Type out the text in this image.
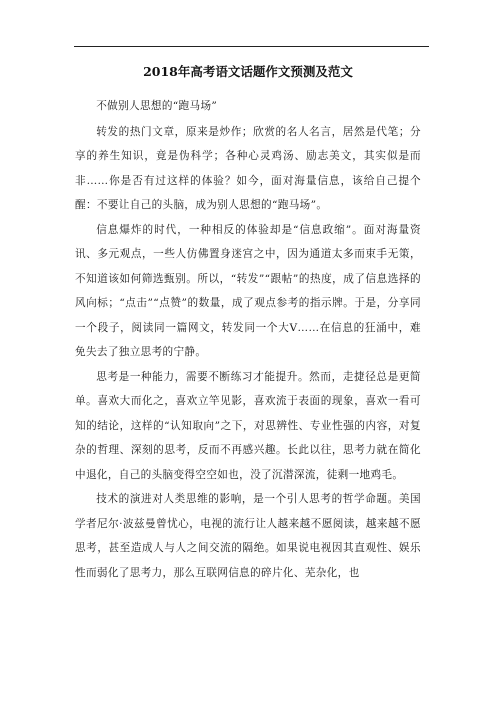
2018年高考语文话题作文预测及范文

不做别人思想的“跑马场”

转发的热门文章，原来是炒作；欣赏的名人名言，居然是代笔；分享的养生知识，竟是伪科学；各种心灵鸡汤、励志美文，其实似是而非……你是否有过这样的体验？如今，面对海量信息，该给自己提个醒：不要让自己的头脑，成为别人思想的“跑马场”。

信息爆炸的时代，一种相反的体验却是“信息政缩”。面对海量资讯、多元观点，一些人仿佛置身迷宫之中，因为通道太多而束手无策，不知道该如何筛选甄别。所以，“转发”“跟帖”的热度，成了信息选择的风向标；“点击”“点赞”的数量，成了观点参考的指示牌。于是，分享同一个段子，阅读同一篇网文，转发同一个大V……在信息的狂涌中，难免失去了独立思考的宁静。

思考是一种能力，需要不断练习才能提升。然而，走捷径总是更简单。喜欢大而化之，喜欢立竿见影，喜欢流于表面的现象，喜欢一看可知的结论，这样的“认知取向”之下，对思辨性、专业性强的内容，对复杂的哲理、深刻的思考，反而不再感兴趣。长此以往，思考力就在简化中退化，自己的头脑变得空空如也，没了沉潜深流，徒剩一地鸡毛。

技术的演进对人类思维的影响，是一个引人思考的哲学命题。美国学者尼尔·波兹曼曾忧心，电视的流行让人越来越不愿阅读，越来越不愿思考，甚至造成人与人之间交流的隔绝。如果说电视因其直观性、娱乐性而弱化了思考力，那么互联网信息的碎片化、芜杂化，也
